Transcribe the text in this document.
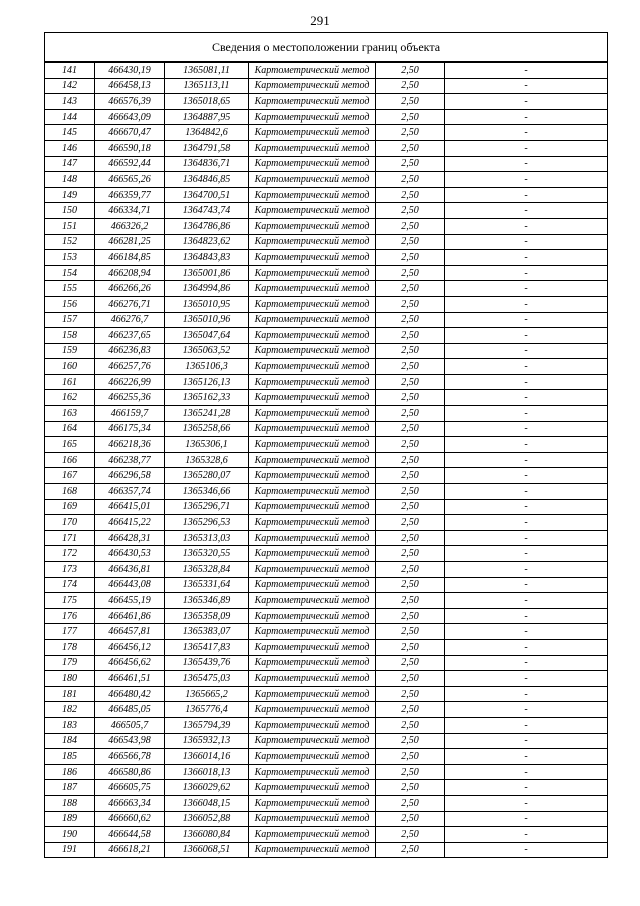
291
Сведения о местоположении границ объекта					
141	466430,19	1365081,11	Картометрический метод	2,50	-
142	466458,13	1365113,11	Картометрический метод	2,50	-
143	466576,39	1365018,65	Картометрический метод	2,50	-
144	466643,09	1364887,95	Картометрический метод	2,50	-
145	466670,47	1364842,6	Картометрический метод	2,50	-
146	466590,18	1364791,58	Картометрический метод	2,50	-
147	466592,44	1364836,71	Картометрический метод	2,50	-
148	466565,26	1364846,85	Картометрический метод	2,50	-
149	466359,77	1364700,51	Картометрический метод	2,50	-
150	466334,71	1364743,74	Картометрический метод	2,50	-
151	466326,2	1364786,86	Картометрический метод	2,50	-
152	466281,25	1364823,62	Картометрический метод	2,50	-
153	466184,85	1364843,83	Картометрический метод	2,50	-
154	466208,94	1365001,86	Картометрический метод	2,50	-
155	466266,26	1364994,86	Картометрический метод	2,50	-
156	466276,71	1365010,95	Картометрический метод	2,50	-
157	466276,7	1365010,96	Картометрический метод	2,50	-
158	466237,65	1365047,64	Картометрический метод	2,50	-
159	466236,83	1365063,52	Картометрический метод	2,50	-
160	466257,76	1365106,3	Картометрический метод	2,50	-
161	466226,99	1365126,13	Картометрический метод	2,50	-
162	466255,36	1365162,33	Картометрический метод	2,50	-
163	466159,7	1365241,28	Картометрический метод	2,50	-
164	466175,34	1365258,66	Картометрический метод	2,50	-
165	466218,36	1365306,1	Картометрический метод	2,50	-
166	466238,77	1365328,6	Картометрический метод	2,50	-
167	466296,58	1365280,07	Картометрический метод	2,50	-
168	466357,74	1365346,66	Картометрический метод	2,50	-
169	466415,01	1365296,71	Картометрический метод	2,50	-
170	466415,22	1365296,53	Картометрический метод	2,50	-
171	466428,31	1365313,03	Картометрический метод	2,50	-
172	466430,53	1365320,55	Картометрический метод	2,50	-
173	466436,81	1365328,84	Картометрический метод	2,50	-
174	466443,08	1365331,64	Картометрический метод	2,50	-
175	466455,19	1365346,89	Картометрический метод	2,50	-
176	466461,86	1365358,09	Картометрический метод	2,50	-
177	466457,81	1365383,07	Картометрический метод	2,50	-
178	466456,12	1365417,83	Картометрический метод	2,50	-
179	466456,62	1365439,76	Картометрический метод	2,50	-
180	466461,51	1365475,03	Картометрический метод	2,50	-
181	466480,42	1365665,2	Картометрический метод	2,50	-
182	466485,05	1365776,4	Картометрический метод	2,50	-
183	466505,7	1365794,39	Картометрический метод	2,50	-
184	466543,98	1365932,13	Картометрический метод	2,50	-
185	466566,78	1366014,16	Картометрический метод	2,50	-
186	466580,86	1366018,13	Картометрический метод	2,50	-
187	466605,75	1366029,62	Картометрический метод	2,50	-
188	466663,34	1366048,15	Картометрический метод	2,50	-
189	466660,62	1366052,88	Картометрический метод	2,50	-
190	466644,58	1366080,84	Картометрический метод	2,50	-
191	466618,21	1366068,51	Картометрический метод	2,50	-
